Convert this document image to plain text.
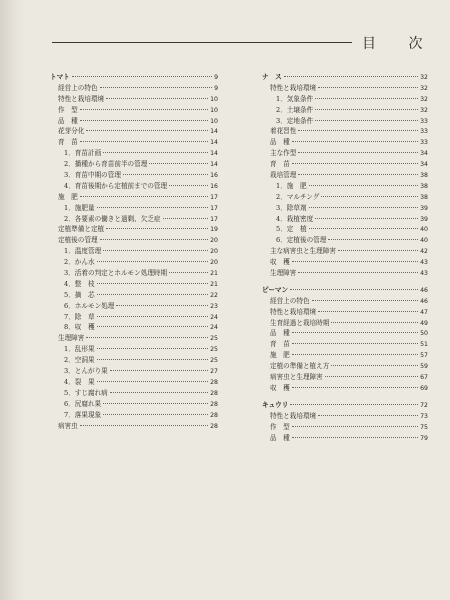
目 次
トマト	9
経営上の特色	9
特性と栽培環境	10
作　型	10
品　種	10
花芽分化	14
育　苗	14
1．育苗計画	14
2．播種から育苗前半の管理	14
3．育苗中期の管理	16
4．育苗後期から定植前までの管理	16
施　肥	17
1．施肥量	17
2．各要素の働きと過剰、欠乏症	17
定植準備と定植	19
定植後の管理	20
1．温度管理	20
2．かん水	20
3．活着の判定とホルモン処理時期	21
4．整　枝	21
5．摘　芯	22
6．ホルモン処理	23
7．除　草	24
8．収　穫	24
生理障害	25
1．乱形果	25
2．空洞果	25
3．とんがり果	27
4．裂　果	28
5．すじ腐れ病	28
6．尻腐れ果	28
7．落果現象	28
病害虫	28
ナ　ス	32
特性と栽培環境	32
1．気象条件	32
2．土壌条件	32
3．定地条件	33
着花習性	33
品　種	33
主な作型	34
育　苗	34
栽培管理	38
1．施　肥	38
2．マルチング	38
3．除草剤	39
4．栽植密度	39
5．定　植	40
6．定植後の管理	40
主な病害虫と生理障害	42
収　穫	43
生理障害	43
ピーマン	46
経営上の特色	46
特性と栽培環境	47
生育経過と栽培時期	49
品　種	50
育　苗	51
施　肥	57
定植の準備と植え方	59
病害虫と生理障害	67
収　穫	69
キュウリ	72
特性と栽培環境	73
作　型	75
品　種	79
